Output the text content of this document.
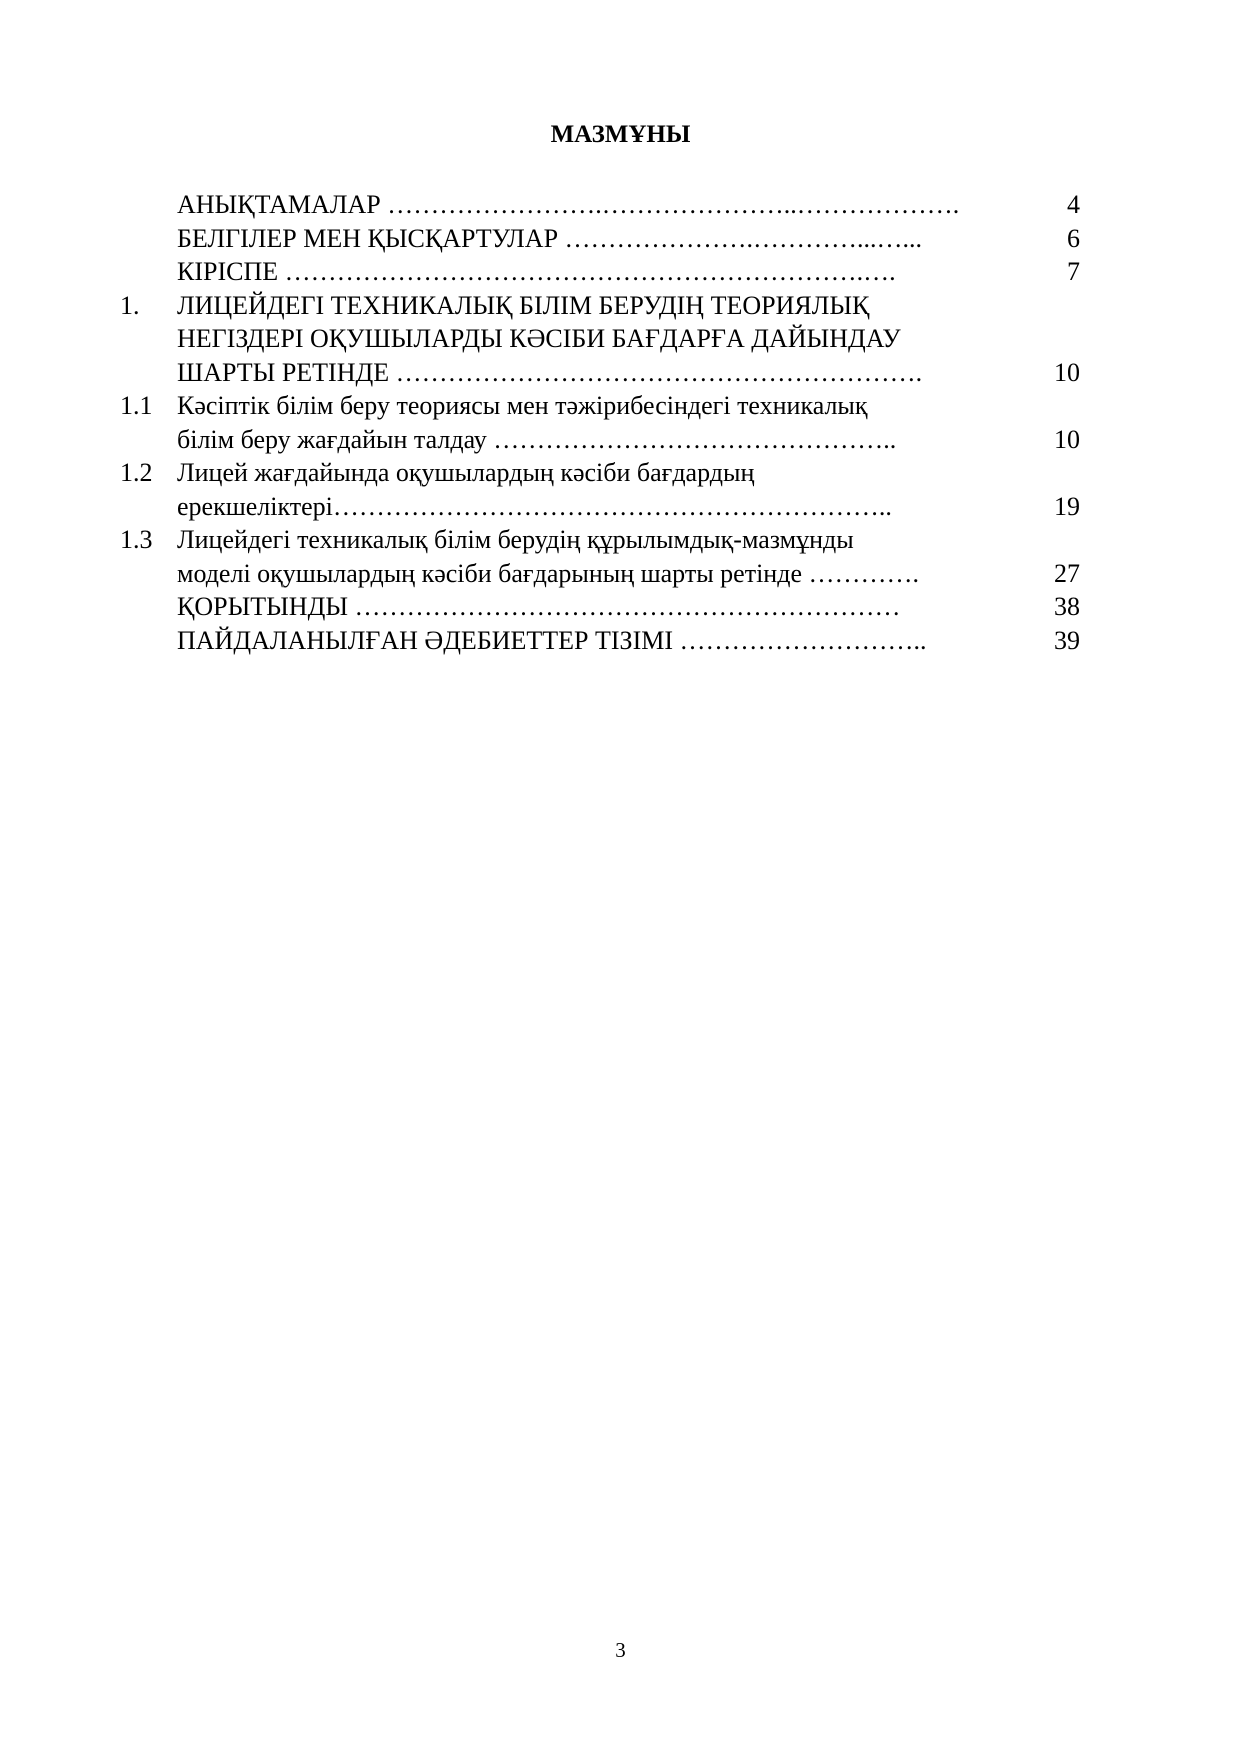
МАЗМҰНЫ
АНЫҚТАМАЛАР …………………….…………………..……………….	4
БЕЛГІЛЕР МЕН ҚЫСҚАРТУЛАР ………………….…………...…...	6
КІРІСПЕ ………………………………………………………….….	7
1. ЛИЦЕЙДЕГІ ТЕХНИКАЛЫҚ БІЛІМ БЕРУДІҢ ТЕОРИЯЛЫҚ
НЕГІЗДЕРІ ОҚУШЫЛАРДЫ КӘСІБИ БАҒДАРҒА ДАЙЫНДАУ
ШАРТЫ РЕТІНДЕ …………………………………………………….	10
1.1 Кәсіптік білім беру теориясы мен тәжірибесіндегі техникалық
білім беру жағдайын талдау ………………………………………..	10
1.2 Лицей жағдайында оқушылардың кәсіби бағдардың
ерекшеліктері………………………………………………………..	19
1.3 Лицейдегі техникалық білім берудің құрылымдық-мазмұнды
моделі оқушылардың кәсіби бағдарының шарты ретінде ………….	27
ҚОРЫТЫНДЫ ………………………………………………………	38
ПАЙДАЛАНЫЛҒАН ӘДЕБИЕТТЕР ТІЗІМІ ………………………..	39
3
